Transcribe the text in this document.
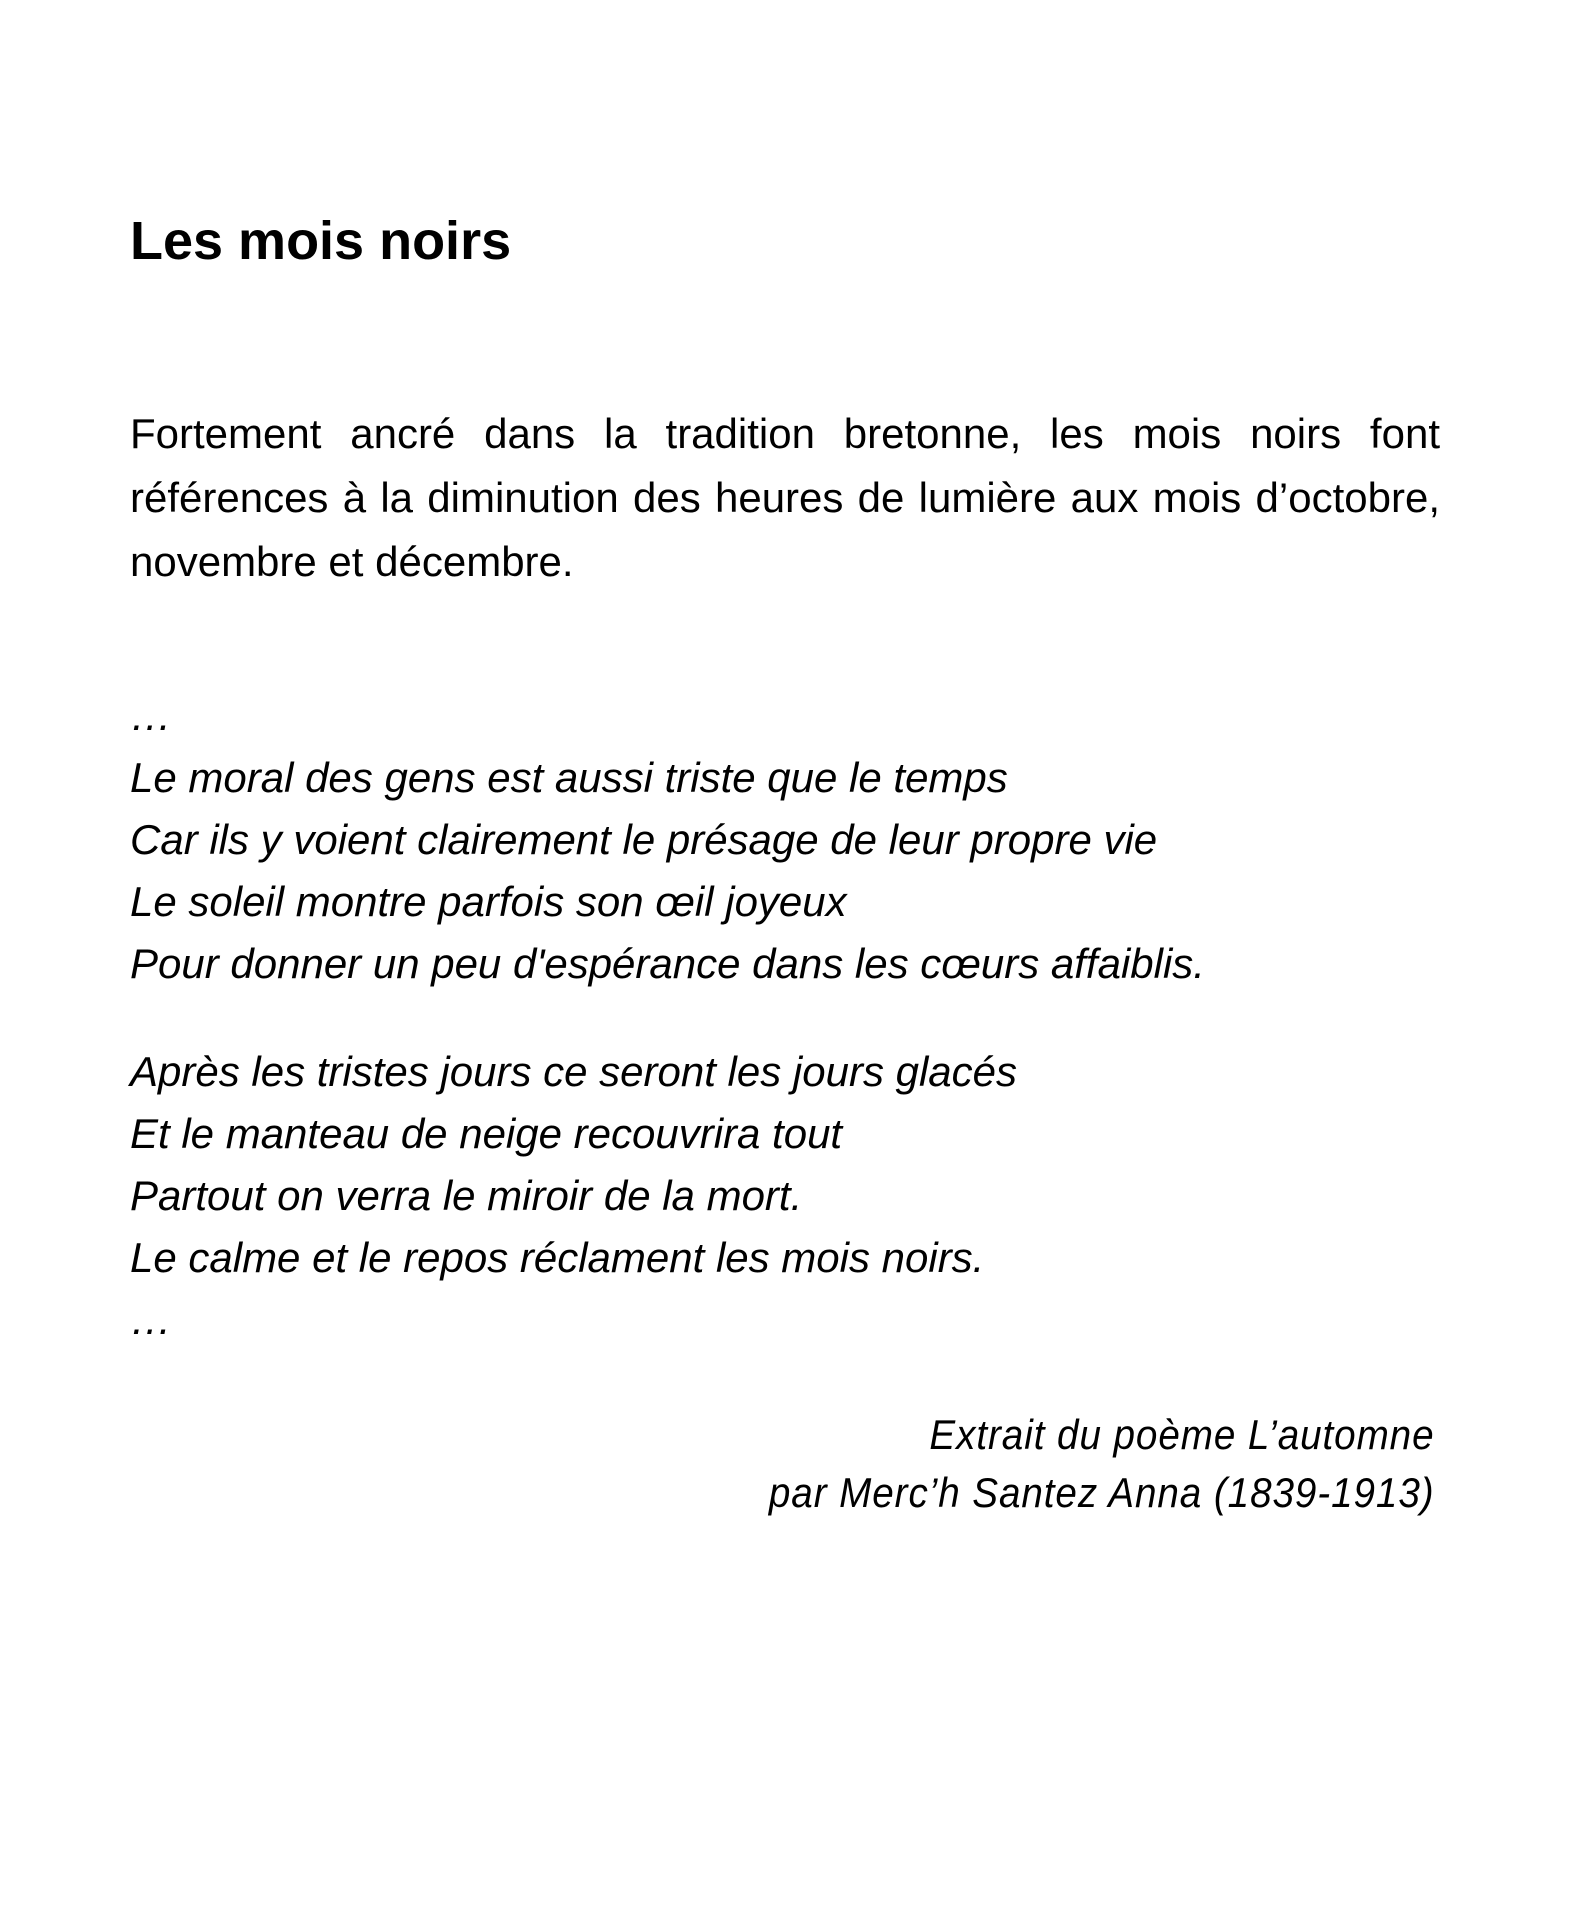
Les mois noirs

Fortement ancré dans la tradition bretonne, les mois noirs font références à la diminution des heures de lumière aux mois d’octobre, novembre et décembre.

…
Le moral des gens est aussi triste que le temps
Car ils y voient clairement le présage de leur propre vie
Le soleil montre parfois son œil joyeux
Pour donner un peu d'espérance dans les cœurs affaiblis.
Après les tristes jours ce seront les jours glacés
Et le manteau de neige recouvrira tout
Partout on verra le miroir de la mort.
Le calme et le repos réclament les mois noirs.
…
Extrait du poème L’automne
par Merc’h Santez Anna (1839-1913)
